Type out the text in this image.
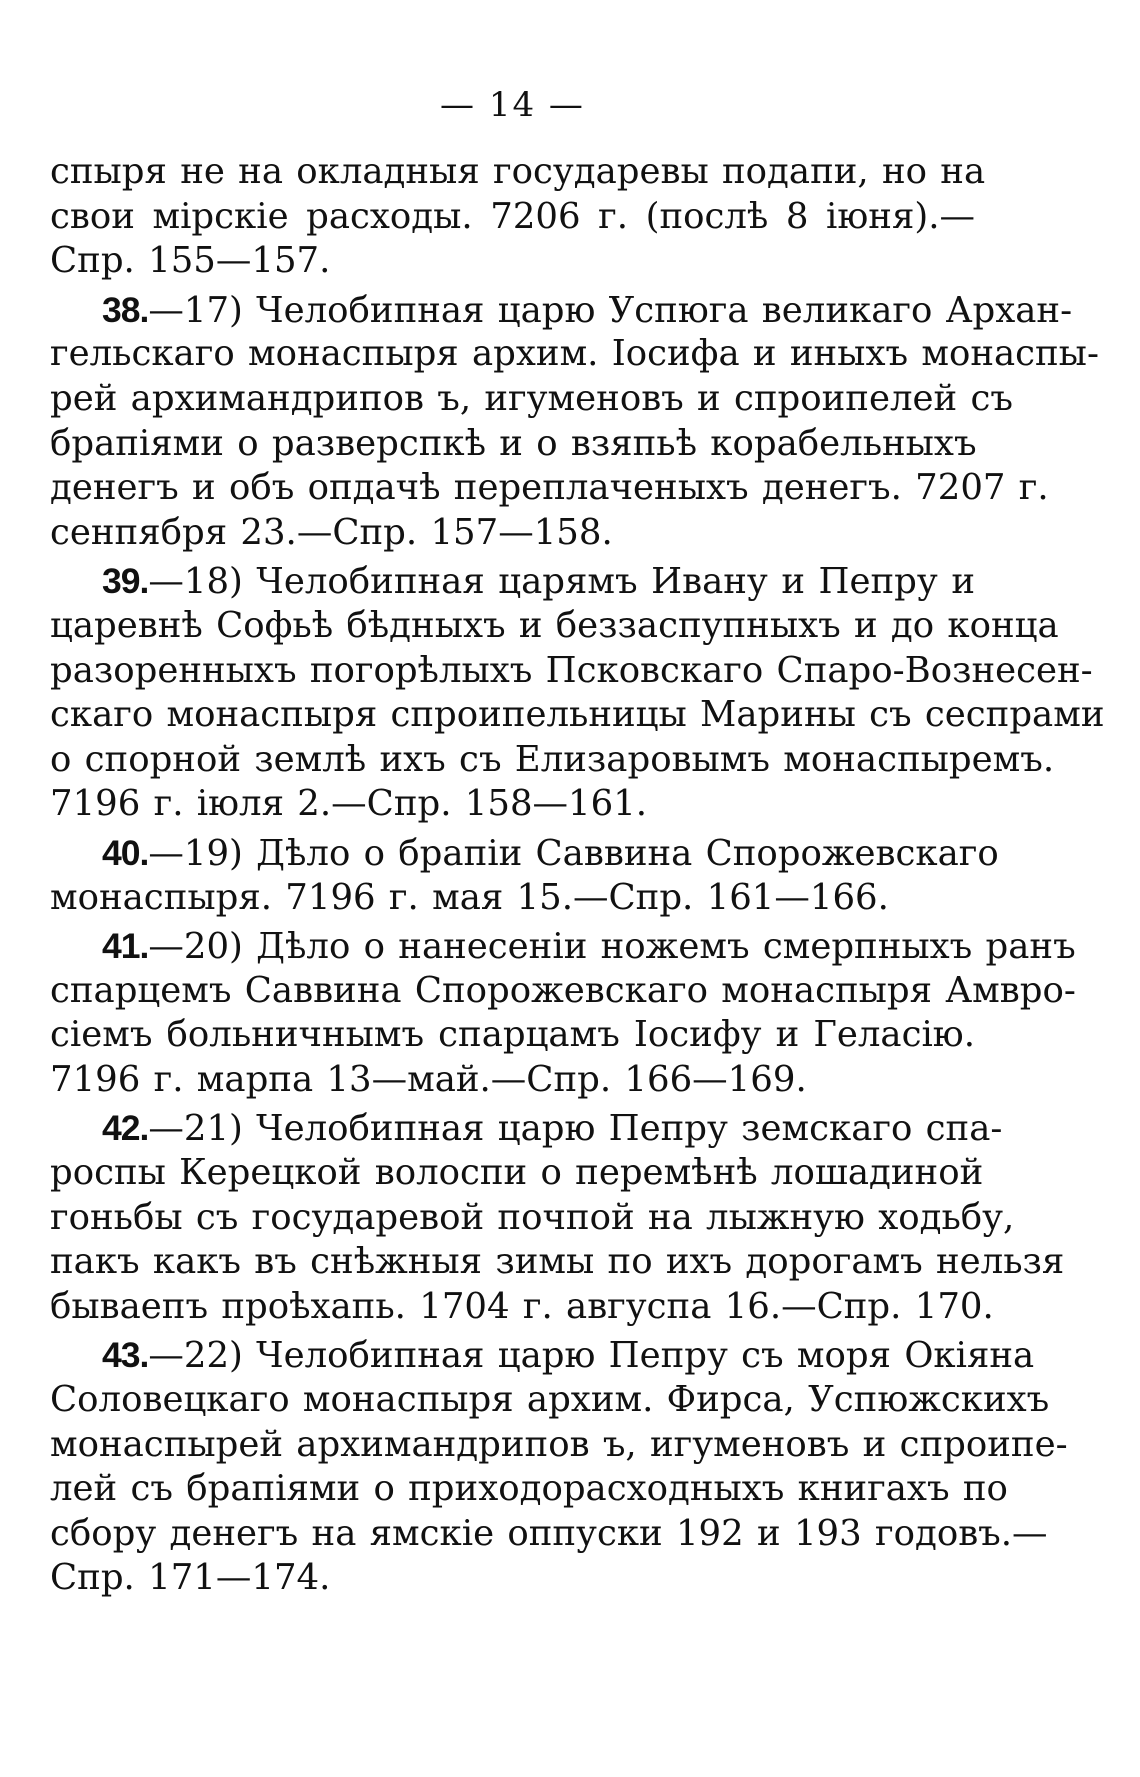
— 14 —
спыря не на окладныя государевы подапи, но на
свои мірскіе расходы. 7206 г. (послѣ 8 іюня).—
Спр. 155—157.
38.—17) Челобипная царю Успюга великаго Архан-
гельскаго монаспыря архим. Іосифа и иныхъ монаспы-
рей архимандрипов ъ, игуменовъ и спроипелей съ
брапіями о разверспкѣ и о взяпьѣ корабельныхъ
денегъ и объ опдачѣ переплаченыхъ денегъ. 7207 г.
сенпября 23.—Спр. 157—158.
39.—18) Челобипная царямъ Ивану и Пепру и
царевнѣ Софьѣ бѣдныхъ и беззаспупныхъ и до конца
разоренныхъ погорѣлыхъ Псковскаго Спаро-Вознесен-
скаго монаспыря спроипельницы Марины съ сеспрами
о спорной землѣ ихъ съ Елизаровымъ монаспыремъ.
7196 г. іюля 2.—Спр. 158—161.
40.—19) Дѣло о брапіи Саввина Спорожевскаго
монаспыря. 7196 г. мая 15.—Спр. 161—166.
41.—20) Дѣло о нанесеніи ножемъ смерпныхъ ранъ
спарцемъ Саввина Спорожевскаго монаспыря Амвро-
сіемъ больничнымъ спарцамъ Іосифу и Геласію.
7196 г. марпа 13—май.—Спр. 166—169.
42.—21) Челобипная царю Пепру земскаго спа-
роспы Керецкой волоспи о перемѣнѣ лошадиной
гоньбы съ государевой почпой на лыжную ходьбу,
пакъ какъ въ снѣжныя зимы по ихъ дорогамъ нельзя
бываепъ проѣхапь. 1704 г. авгуспа 16.—Спр. 170.
43.—22) Челобипная царю Пепру съ моря Окіяна
Соловецкаго монаспыря архим. Фирса, Успюжскихъ
монаспырей архимандрипов ъ, игуменовъ и спроипе-
лей съ брапіями о приходорасходныхъ книгахъ по
сбору денегъ на ямскіе оппуски 192 и 193 годовъ.—
Спр. 171—174.
